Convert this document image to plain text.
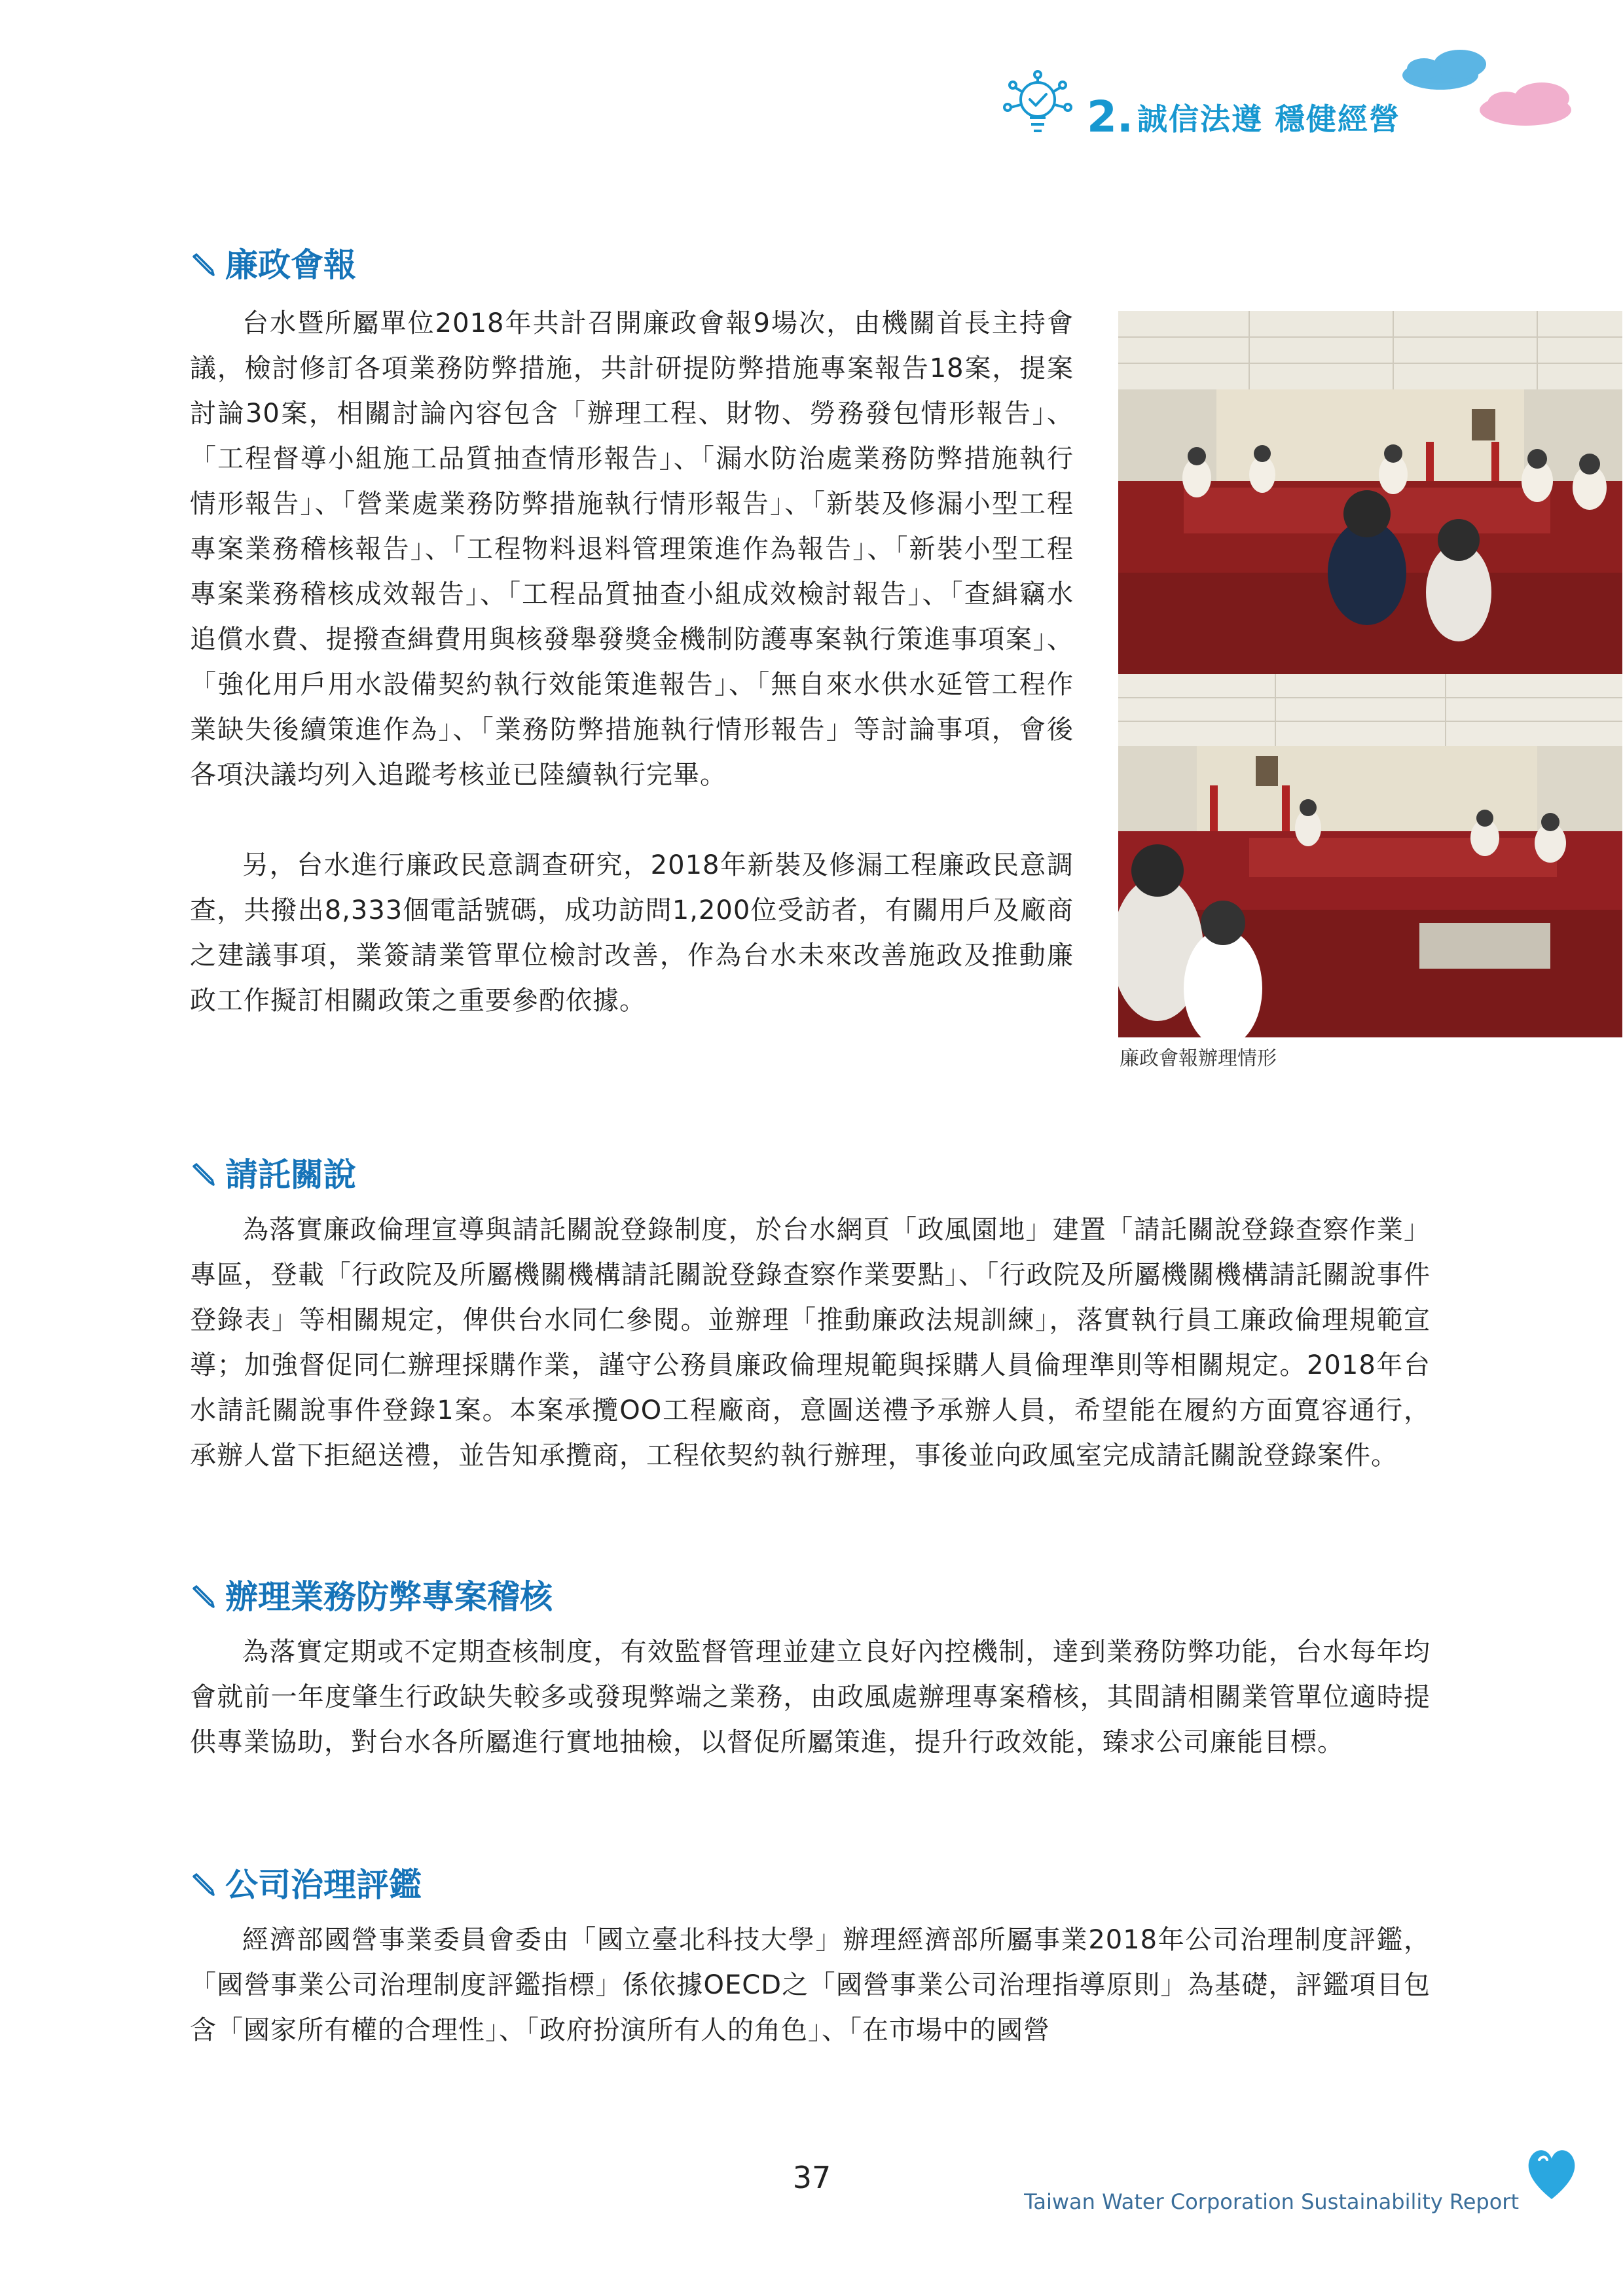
2. 誠信法遵 穩健經營
廉政會報

台水暨所屬單位2018年共計召開廉政會報9場次，由機關首長主持會議，檢討修訂各項業務防弊措施，共計研提防弊措施專案報告18案，提案討論30案，相關討論內容包含「辦理工程、財物、勞務發包情形報告」、「工程督導小組施工品質抽查情形報告」、「漏水防治處業務防弊措施執行情形報告」、「營業處業務防弊措施執行情形報告」、「新裝及修漏小型工程專案業務稽核報告」、「工程物料退料管理策進作為報告」、「新裝小型工程專案業務稽核成效報告」、「工程品質抽查小組成效檢討報告」、「查緝竊水追償水費、提撥查緝費用與核發舉發獎金機制防護專案執行策進事項案」、「強化用戶用水設備契約執行效能策進報告」、「無自來水供水延管工程作業缺失後續策進作為」、「業務防弊措施執行情形報告」等討論事項，會後各項決議均列入追蹤考核並已陸續執行完畢。

另，台水進行廉政民意調查研究，2018年新裝及修漏工程廉政民意調查，共撥出8,333個電話號碼，成功訪問1,200位受訪者，有關用戶及廠商之建議事項，業簽請業管單位檢討改善，作為台水未來改善施政及推動廉政工作擬訂相關政策之重要參酌依據。

廉政會報辦理情形
請託關說

為落實廉政倫理宣導與請託關說登錄制度，於台水網頁「政風園地」建置「請託關說登錄查察作業」專區，登載「行政院及所屬機關機構請託關說登錄查察作業要點」、「行政院及所屬機關機構請託關說事件登錄表」等相關規定，俾供台水同仁參閱。並辦理「推動廉政法規訓練」，落實執行員工廉政倫理規範宣導；加強督促同仁辦理採購作業，謹守公務員廉政倫理規範與採購人員倫理準則等相關規定。2018年台水請託關說事件登錄1案。本案承攬OO工程廠商，意圖送禮予承辦人員，希望能在履約方面寬容通行，承辦人當下拒絕送禮，並告知承攬商，工程依契約執行辦理，事後並向政風室完成請託關說登錄案件。

辦理業務防弊專案稽核

為落實定期或不定期查核制度，有效監督管理並建立良好內控機制，達到業務防弊功能，台水每年均會就前一年度肇生行政缺失較多或發現弊端之業務，由政風處辦理專案稽核，其間請相關業管單位適時提供專業協助，對台水各所屬進行實地抽檢，以督促所屬策進，提升行政效能，臻求公司廉能目標。

公司治理評鑑

經濟部國營事業委員會委由「國立臺北科技大學」辦理經濟部所屬事業2018年公司治理制度評鑑，「國營事業公司治理制度評鑑指標」係依據OECD之「國營事業公司治理指導原則」為基礎，評鑑項目包含「國家所有權的合理性」、「政府扮演所有人的角色」、「在市場中的國營

37
Taiwan Water Corporation Sustainability Report
